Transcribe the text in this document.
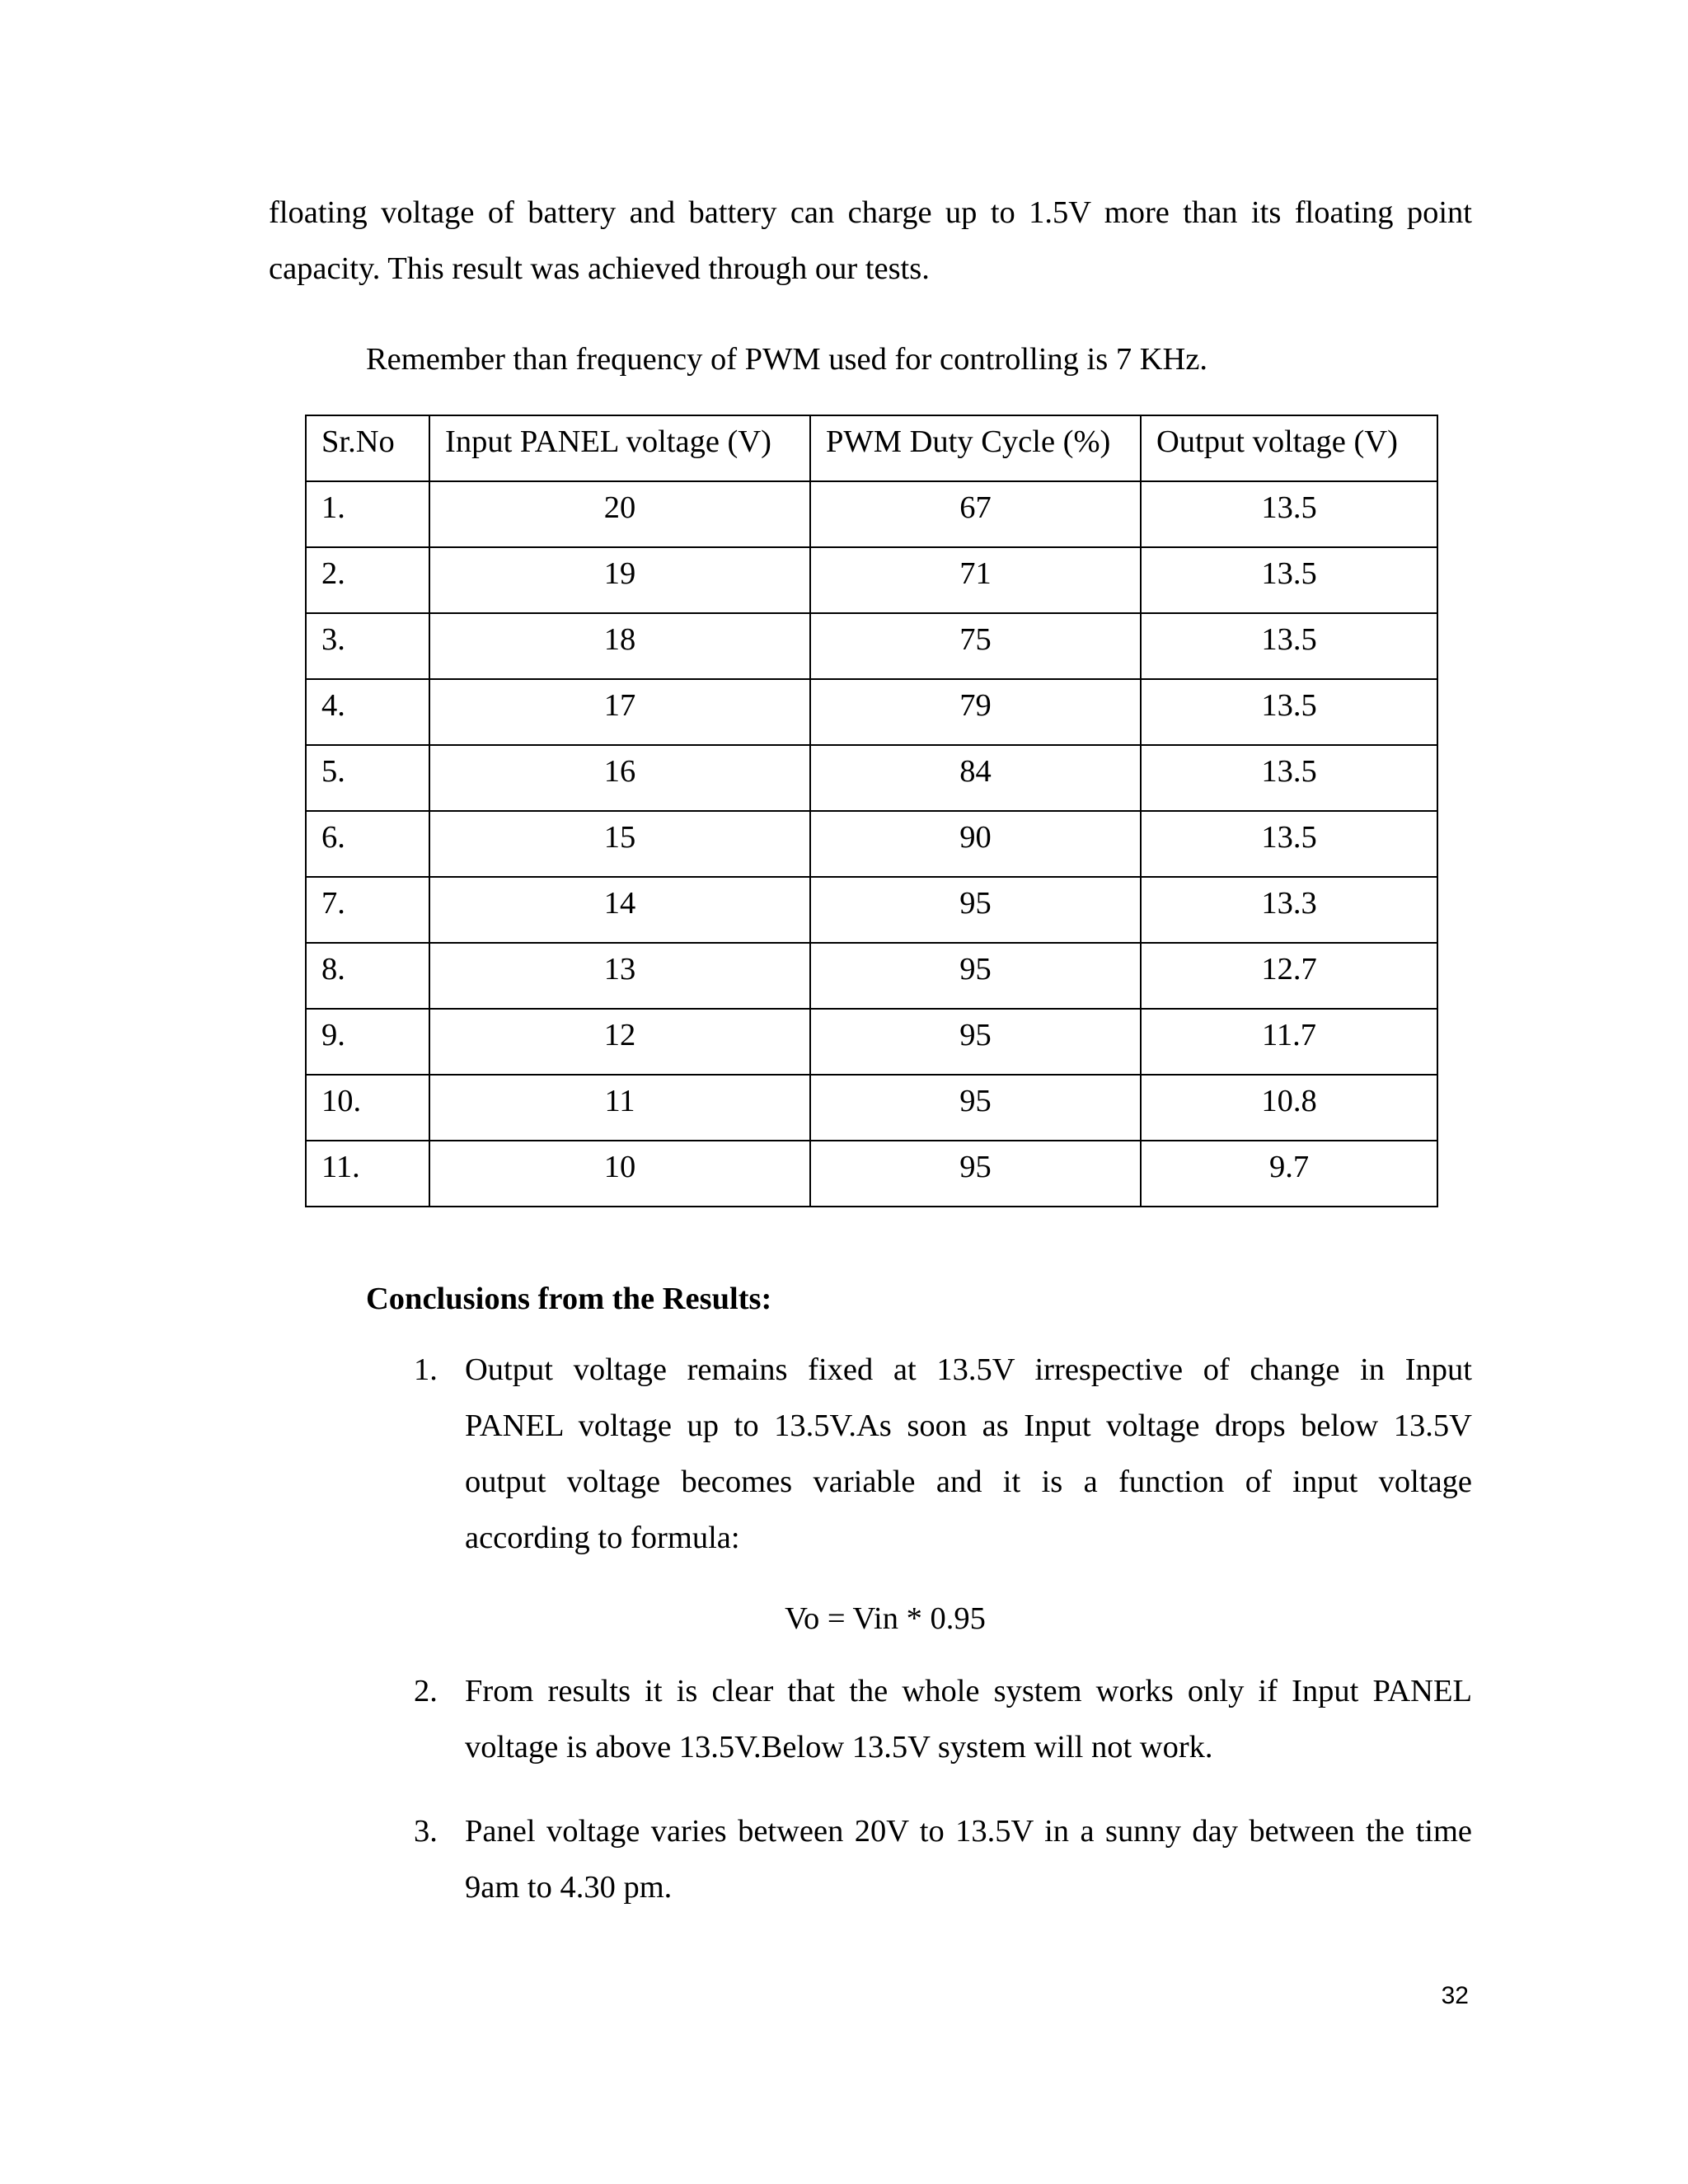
floating voltage of battery and battery can charge up to 1.5V more than its floating point
capacity. This result was achieved through our tests.

Remember than frequency of PWM used for controlling is 7 KHz.

Sr.No	Input PANEL voltage (V)	PWM Duty Cycle (%)	Output voltage (V)
1.	20	67	13.5
2.	19	71	13.5
3.	18	75	13.5
4.	17	79	13.5
5.	16	84	13.5
6.	15	90	13.5
7.	14	95	13.3
8.	13	95	12.7
9.	12	95	11.7
10.	11	95	10.8
11.	10	95	9.7
Conclusions from the Results:
1. Output voltage remains fixed at 13.5V irrespective of change in Input
PANEL voltage up to 13.5V.As soon as Input voltage drops below 13.5V
output voltage becomes variable and it is a function of input voltage
according to formula:
Vo = Vin * 0.95
2. From results it is clear that the whole system works only if Input PANEL
voltage is above 13.5V.Below 13.5V system will not work.
3. Panel voltage varies between 20V to 13.5V in a sunny day between the time
9am to 4.30 pm.
32
